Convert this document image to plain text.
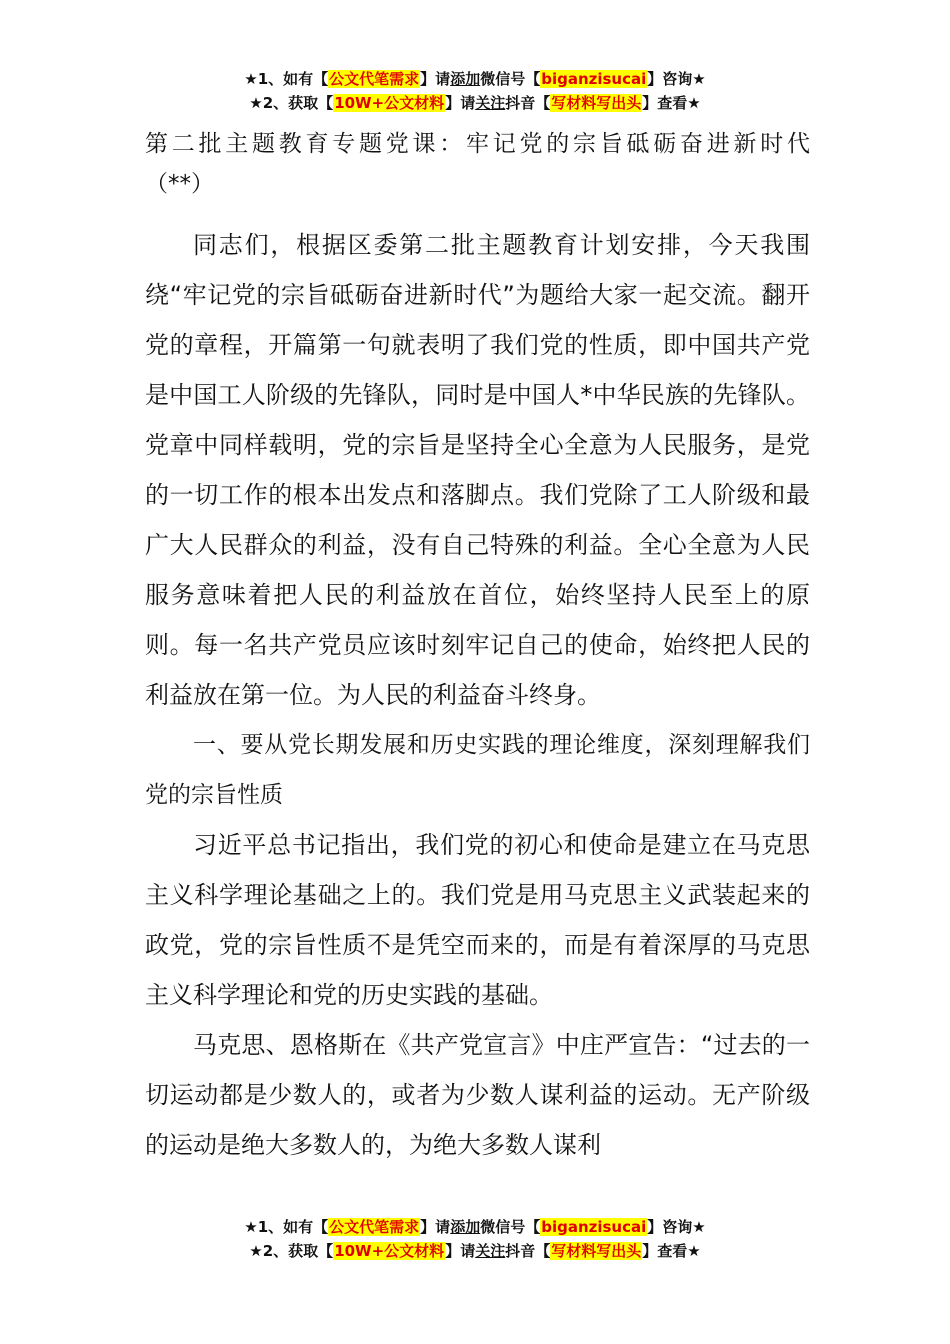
★1、如有【公文代笔需求】请添加微信号【biganzisucai】咨询★
★2、获取【10W+公文材料】请关注抖音【写材料写出头】查看★
第二批主题教育专题党课：牢记党的宗旨砥砺奋进新时代
（**）

同志们，根据区委第二批主题教育计划安排，今天我围绕“牢记党的宗旨砥砺奋进新时代”为题给大家一起交流。翻开党的章程，开篇第一句就表明了我们党的性质，即中国共产党是中国工人阶级的先锋队，同时是中国人*中华民族的先锋队。党章中同样载明，党的宗旨是坚持全心全意为人民服务，是党的一切工作的根本出发点和落脚点。我们党除了工人阶级和最广大人民群众的利益，没有自己特殊的利益。全心全意为人民服务意味着把人民的利益放在首位，始终坚持人民至上的原则。每一名共产党员应该时刻牢记自己的使命，始终把人民的利益放在第一位。为人民的利益奋斗终身。

一、要从党长期发展和历史实践的理论维度，深刻理解我们党的宗旨性质

习近平总书记指出，我们党的初心和使命是建立在马克思主义科学理论基础之上的。我们党是用马克思主义武装起来的政党，党的宗旨性质不是凭空而来的，而是有着深厚的马克思主义科学理论和党的历史实践的基础。

马克思、恩格斯在《共产党宣言》中庄严宣告：“过去的一切运动都是少数人的，或者为少数人谋利益的运动。无产阶级的运动是绝大多数人的，为绝大多数人谋利

★1、如有【公文代笔需求】请添加微信号【biganzisucai】咨询★
★2、获取【10W+公文材料】请关注抖音【写材料写出头】查看★
